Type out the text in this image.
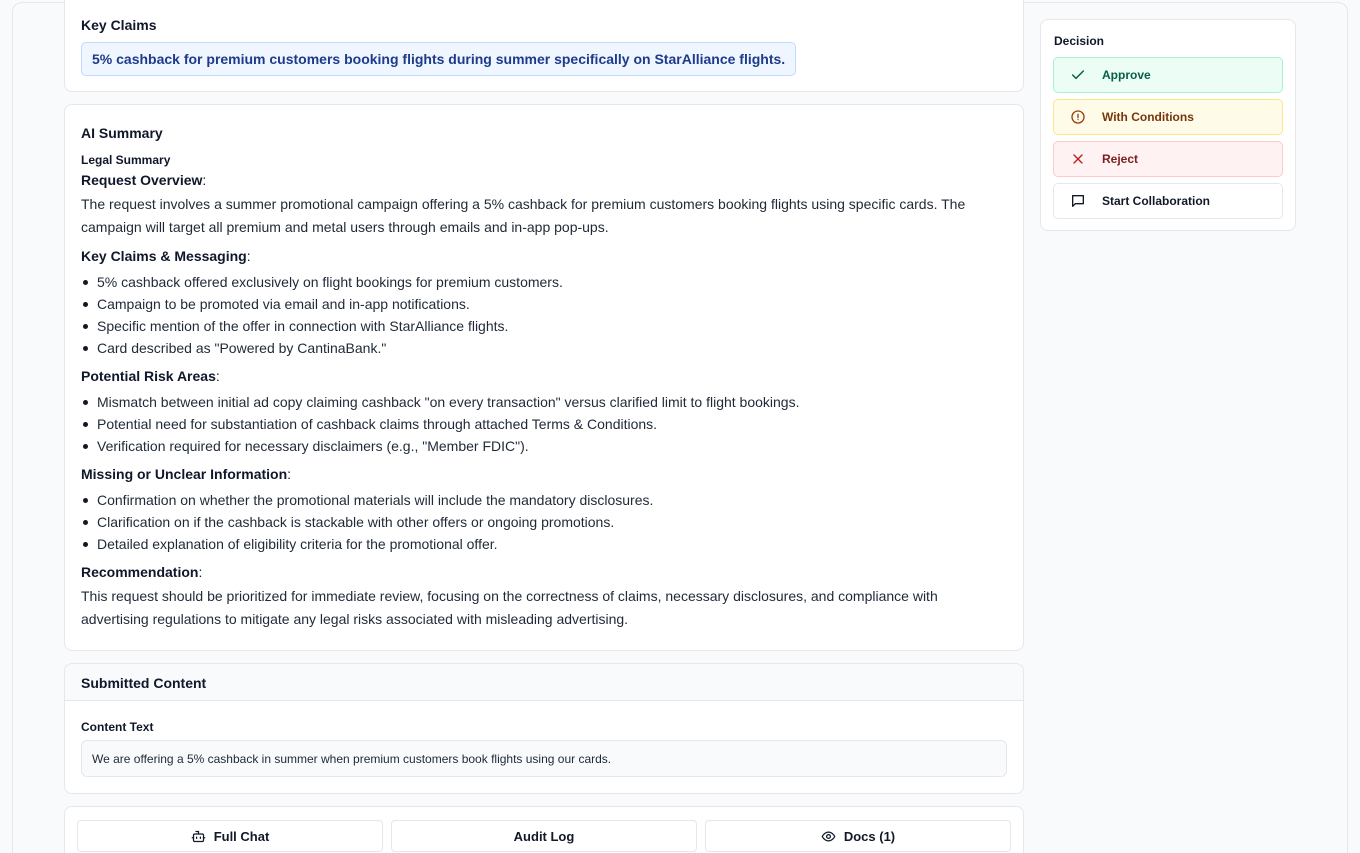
Key Claims
5% cashback for premium customers booking flights during summer specifically on StarAlliance flights.
AI Summary
Legal Summary
Request Overview:

The request involves a summer promotional campaign offering a 5% cashback for premium customers booking flights using specific cards. The campaign will target all premium and metal users through emails and in-app pop-ups.

Key Claims & Messaging:
5% cashback offered exclusively on flight bookings for premium customers.
Campaign to be promoted via email and in-app notifications.
Specific mention of the offer in connection with StarAlliance flights.
Card described as "Powered by CantinaBank."
Potential Risk Areas:
Mismatch between initial ad copy claiming cashback "on every transaction" versus clarified limit to flight bookings.
Potential need for substantiation of cashback claims through attached Terms & Conditions.
Verification required for necessary disclaimers (e.g., "Member FDIC").
Missing or Unclear Information:
Confirmation on whether the promotional materials will include the mandatory disclosures.
Clarification on if the cashback is stackable with other offers or ongoing promotions.
Detailed explanation of eligibility criteria for the promotional offer.
Recommendation:

This request should be prioritized for immediate review, focusing on the correctness of claims, necessary disclosures, and compliance with advertising regulations to mitigate any legal risks associated with misleading advertising.

Submitted Content
Content Text
We are offering a 5% cashback in summer when premium customers book flights using our cards.
Full Chat	Audit Log	Docs (1)
Decision
Approve
With Conditions
Reject
Start Collaboration
